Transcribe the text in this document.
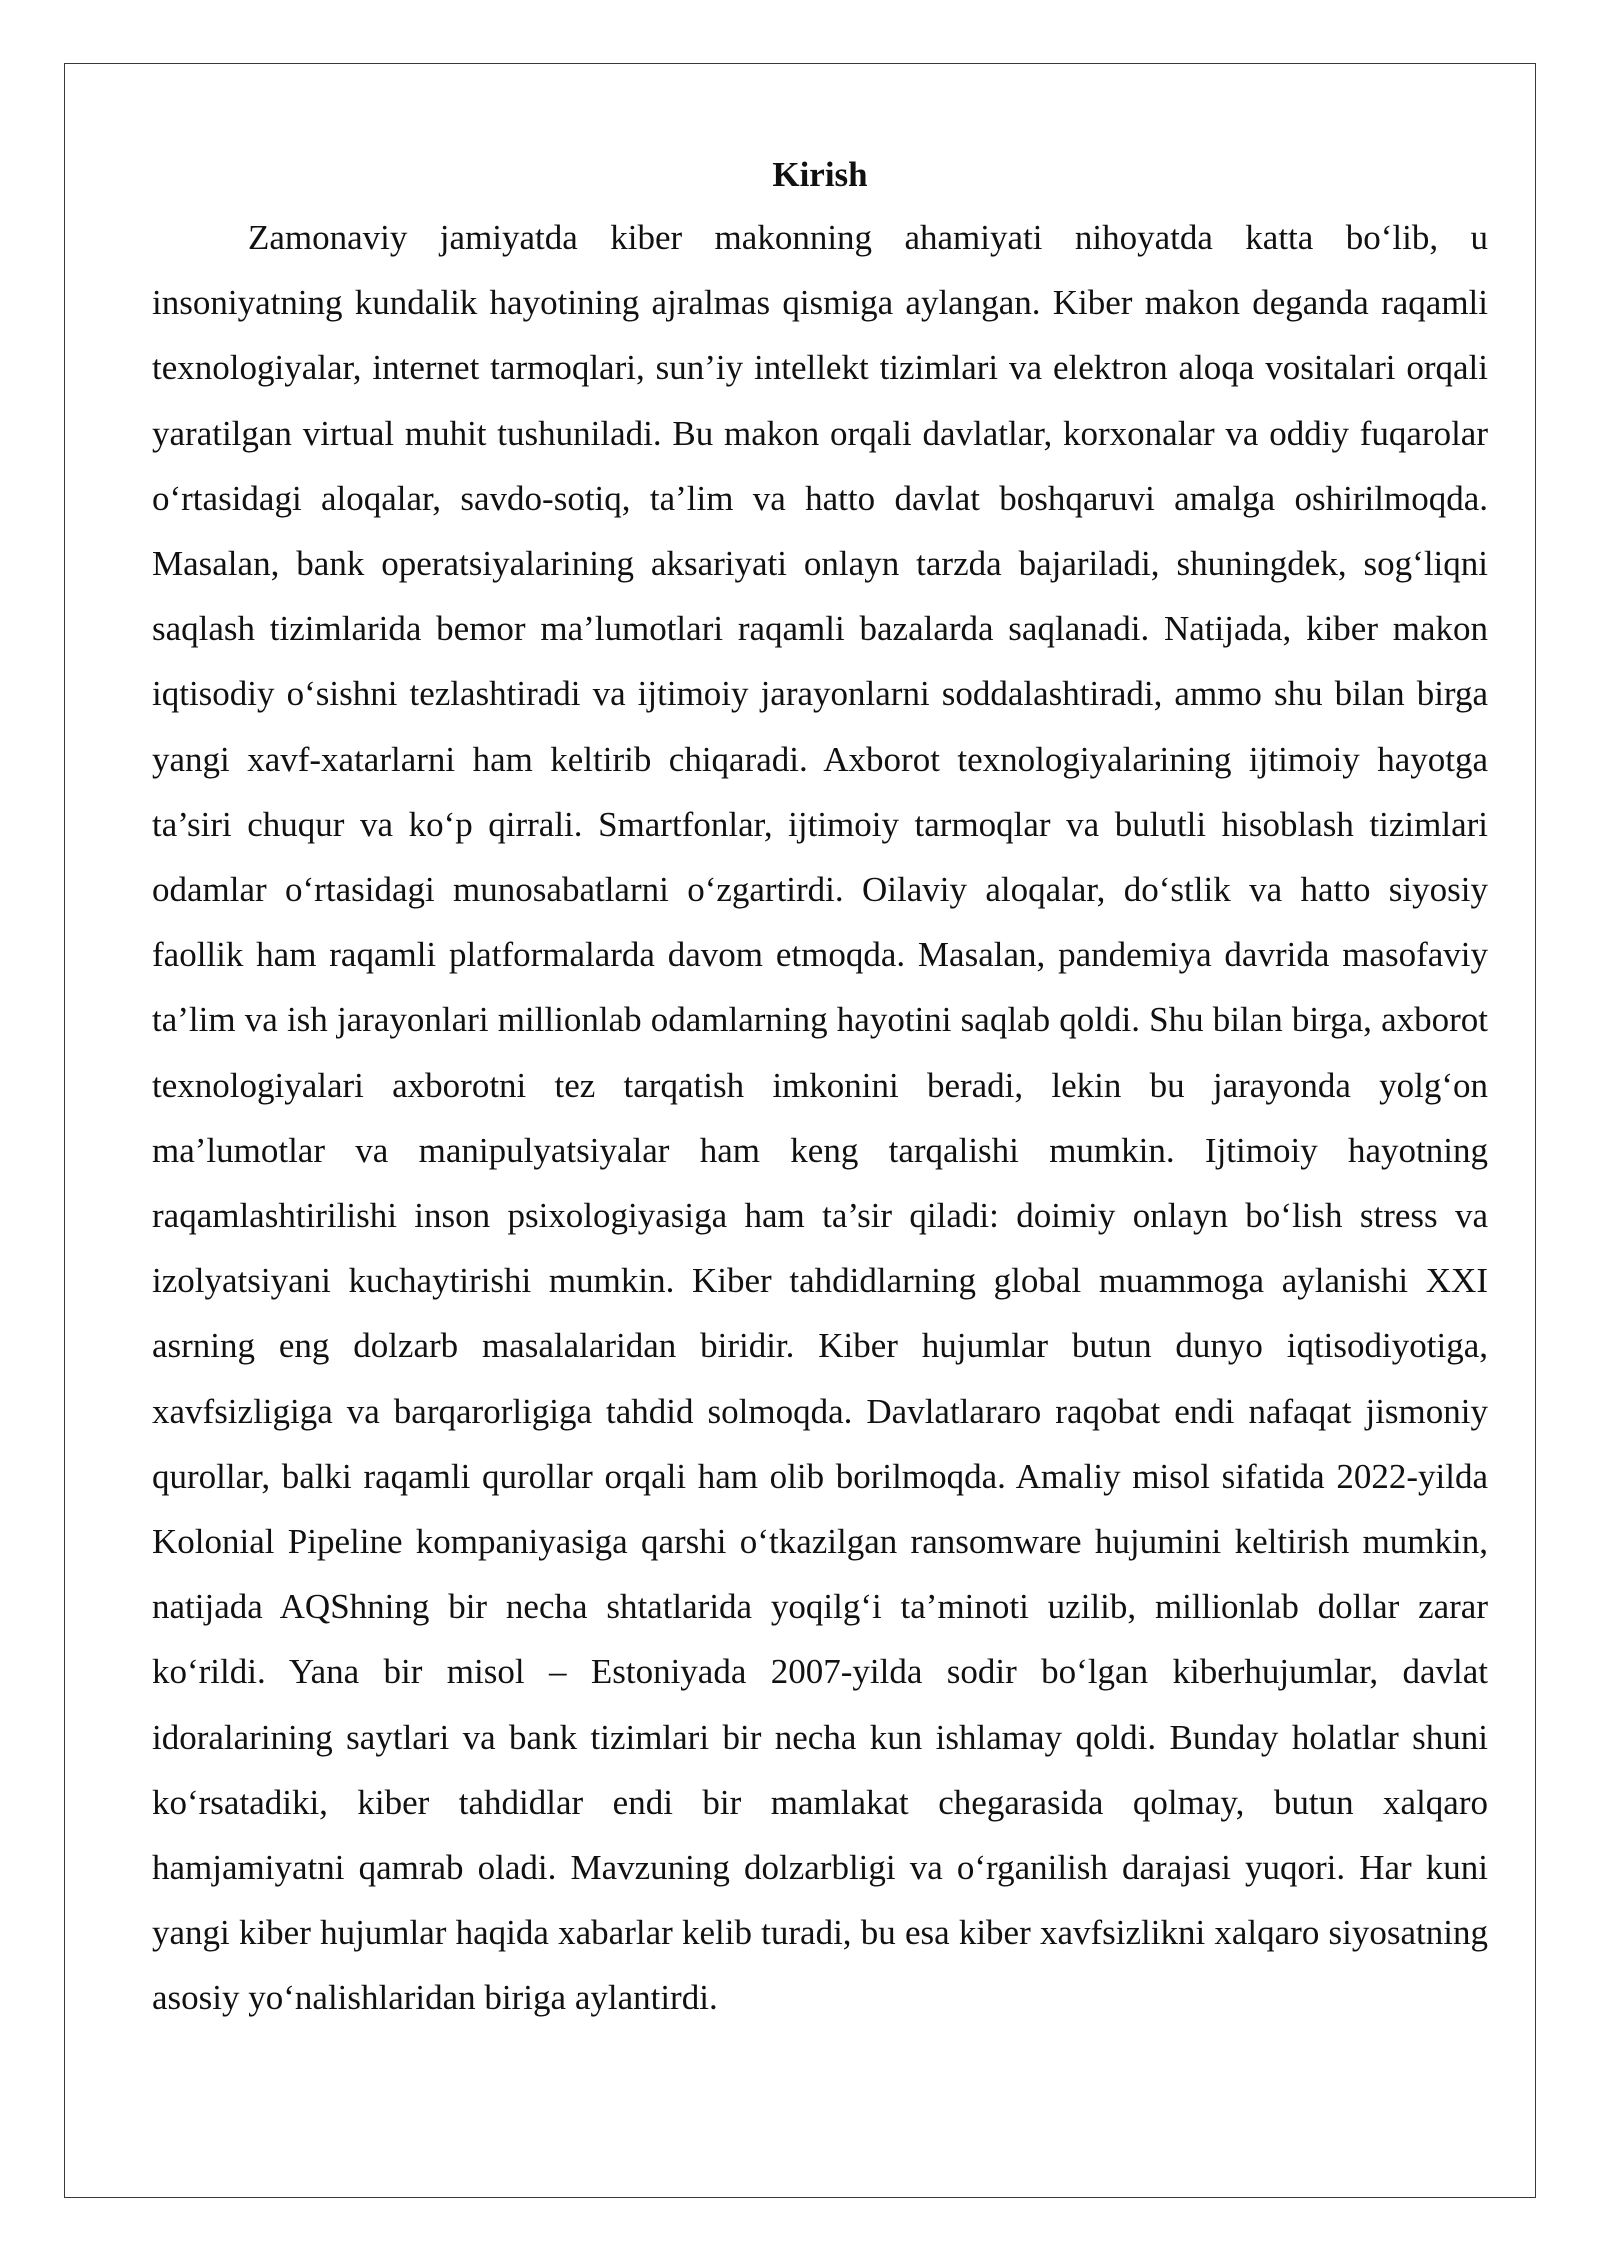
Kirish

Zamonaviy jamiyatda kiber makonning ahamiyati nihoyatda katta bo‘lib, u insoniyatning kundalik hayotining ajralmas qismiga aylangan. Kiber makon deganda raqamli texnologiyalar, internet tarmoqlari, sun’iy intellekt tizimlari va elektron aloqa vositalari orqali yaratilgan virtual muhit tushuniladi. Bu makon orqali davlatlar, korxonalar va oddiy fuqarolar o‘rtasidagi aloqalar, savdo-sotiq, ta’lim va hatto davlat boshqaruvi amalga oshirilmoqda. Masalan, bank operatsiyalarining aksariyati onlayn tarzda bajariladi, shuningdek, sog‘liqni saqlash tizimlarida bemor ma’lumotlari raqamli bazalarda saqlanadi. Natijada, kiber makon iqtisodiy o‘sishni tezlashtiradi va ijtimoiy jarayonlarni soddalashtiradi, ammo shu bilan birga yangi xavf-xatarlarni ham keltirib chiqaradi. Axborot texnologiyalarining ijtimoiy hayotga ta’siri chuqur va ko‘p qirrali. Smartfonlar, ijtimoiy tarmoqlar va bulutli hisoblash tizimlari odamlar o‘rtasidagi munosabatlarni o‘zgartirdi. Oilaviy aloqalar, do‘stlik va hatto siyosiy faollik ham raqamli platformalarda davom etmoqda. Masalan, pandemiya davrida masofaviy ta’lim va ish jarayonlari millionlab odamlarning hayotini saqlab qoldi. Shu bilan birga, axborot texnologiyalari axborotni tez tarqatish imkonini beradi, lekin bu jarayonda yolg‘on ma’lumotlar va manipulyatsiyalar ham keng tarqalishi mumkin. Ijtimoiy hayotning raqamlashtirilishi inson psixologiyasiga ham ta’sir qiladi: doimiy onlayn bo‘lish stress va izolyatsiyani kuchaytirishi mumkin. Kiber tahdidlarning global muammoga aylanishi XXI asrning eng dolzarb masalalaridan biridir. Kiber hujumlar butun dunyo iqtisodiyotiga, xavfsizligiga va barqarorligiga tahdid solmoqda. Davlatlararo raqobat endi nafaqat jismoniy qurollar, balki raqamli qurollar orqali ham olib borilmoqda. Amaliy misol sifatida 2022-yilda Kolonial Pipeline kompaniyasiga qarshi o‘tkazilgan ransomware hujumini keltirish mumkin, natijada AQShning bir necha shtatlarida yoqilg‘i ta’minoti uzilib, millionlab dollar zarar ko‘rildi. Yana bir misol – Estoniyada 2007-yilda sodir bo‘lgan kiberhujumlar, davlat idoralarining saytlari va bank tizimlari bir necha kun ishlamay qoldi. Bunday holatlar shuni ko‘rsatadiki, kiber tahdidlar endi bir mamlakat chegarasida qolmay, butun xalqaro hamjamiyatni qamrab oladi. Mavzuning dolzarbligi va o‘rganilish darajasi yuqori. Har kuni yangi kiber hujumlar haqida xabarlar kelib turadi, bu esa kiber xavfsizlikni xalqaro siyosatning asosiy yo‘nalishlaridan biriga aylantirdi.
